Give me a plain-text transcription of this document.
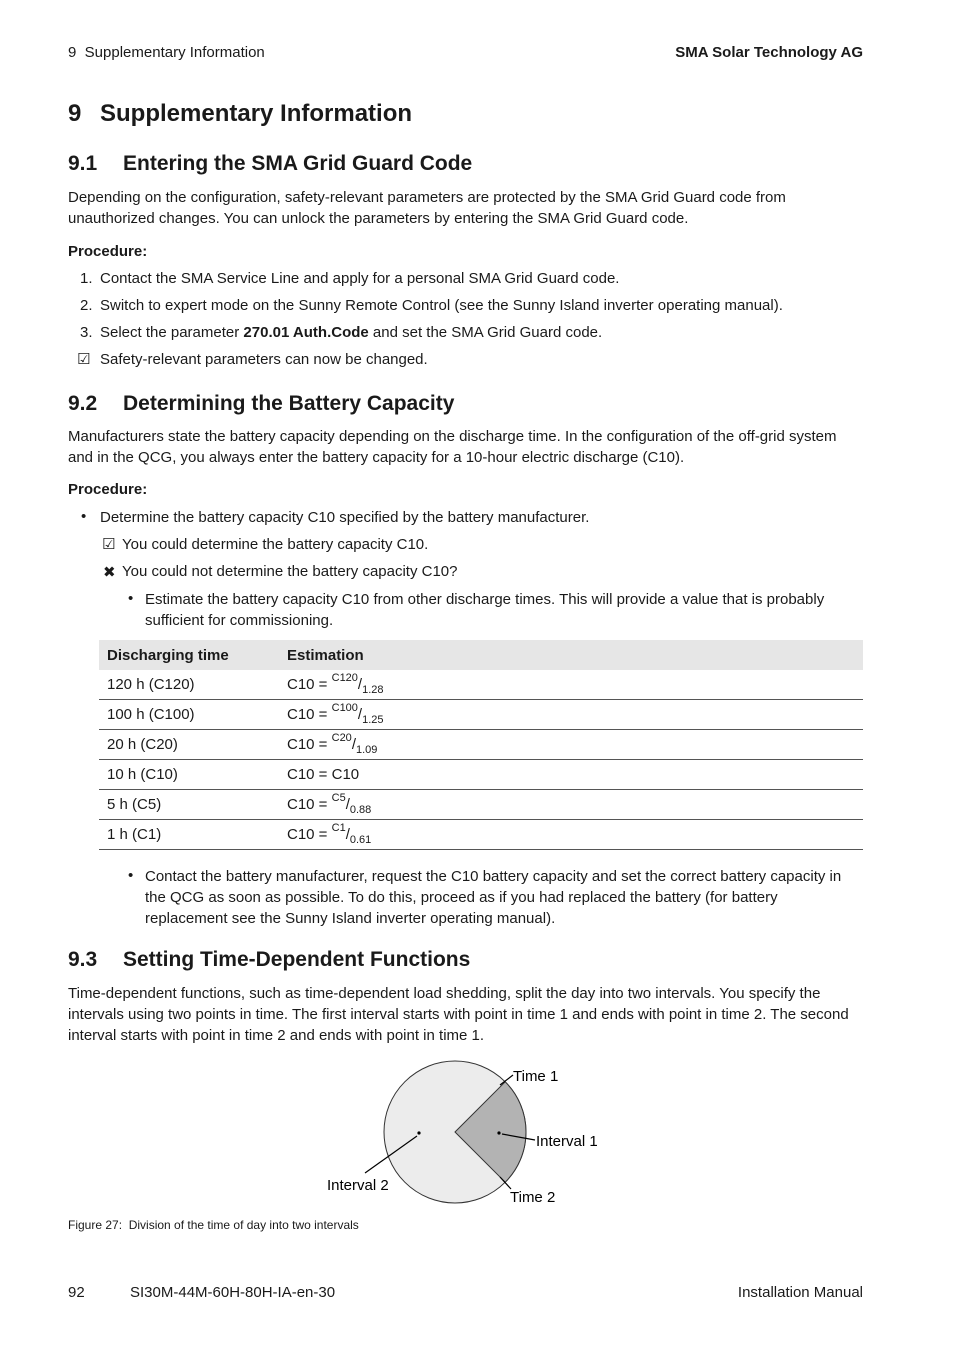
9  Supplementary Information	SMA Solar Technology AG
9 Supplementary Information
9.1 Entering the SMA Grid Guard Code

Depending on the configuration, safety-relevant parameters are protected by the SMA Grid Guard code from unauthorized changes. You can unlock the parameters by entering the SMA Grid Guard code.

Procedure:
1. Contact the SMA Service Line and apply for a personal SMA Grid Guard code.
2. Switch to expert mode on the Sunny Remote Control (see the Sunny Island inverter operating manual).
3. Select the parameter 270.01 Auth.Code and set the SMA Grid Guard code.
☑ Safety-relevant parameters can now be changed.
9.2 Determining the Battery Capacity

Manufacturers state the battery capacity depending on the discharge time. In the configuration of the off-grid system and in the QCG, you always enter the battery capacity for a 10-hour electric discharge (C10).

Procedure:
• Determine the battery capacity C10 specified by the battery manufacturer.
☑ You could determine the battery capacity C10.
✖ You could not determine the battery capacity C10?
• Estimate the battery capacity C10 from other discharge times. This will provide a value that is probably sufficient for commissioning.
Discharging time	Estimation
120 h (C120)	$C10 = ^{C120}/_{1.28}$
100 h (C100)	$C10 = ^{C100}/_{1.25}$
20 h (C20)	$C10 = ^{C20}/_{1.09}$
10 h (C10)	C10 = C10
5 h (C5)	$C10 = ^{C5}/_{0.88}$
1 h (C1)	$C10 = ^{C1}/_{0.61}$
• Contact the battery manufacturer, request the C10 battery capacity and set the correct battery capacity in the QCG as soon as possible. To do this, proceed as if you had replaced the battery (for battery replacement see the Sunny Island inverter operating manual).
9.3 Setting Time-Dependent Functions

Time-dependent functions, such as time-dependent load shedding, split the day into two intervals. You specify the intervals using two points in time. The first interval starts with point in time 1 and ends with point in time 2. The second interval starts with point in time 2 and ends with point in time 1.

Time 1
Interval 1
Interval 2
Time 2
Figure 27:  Division of the time of day into two intervals
92	SI30M-44M-60H-80H-IA-en-30	Installation Manual
